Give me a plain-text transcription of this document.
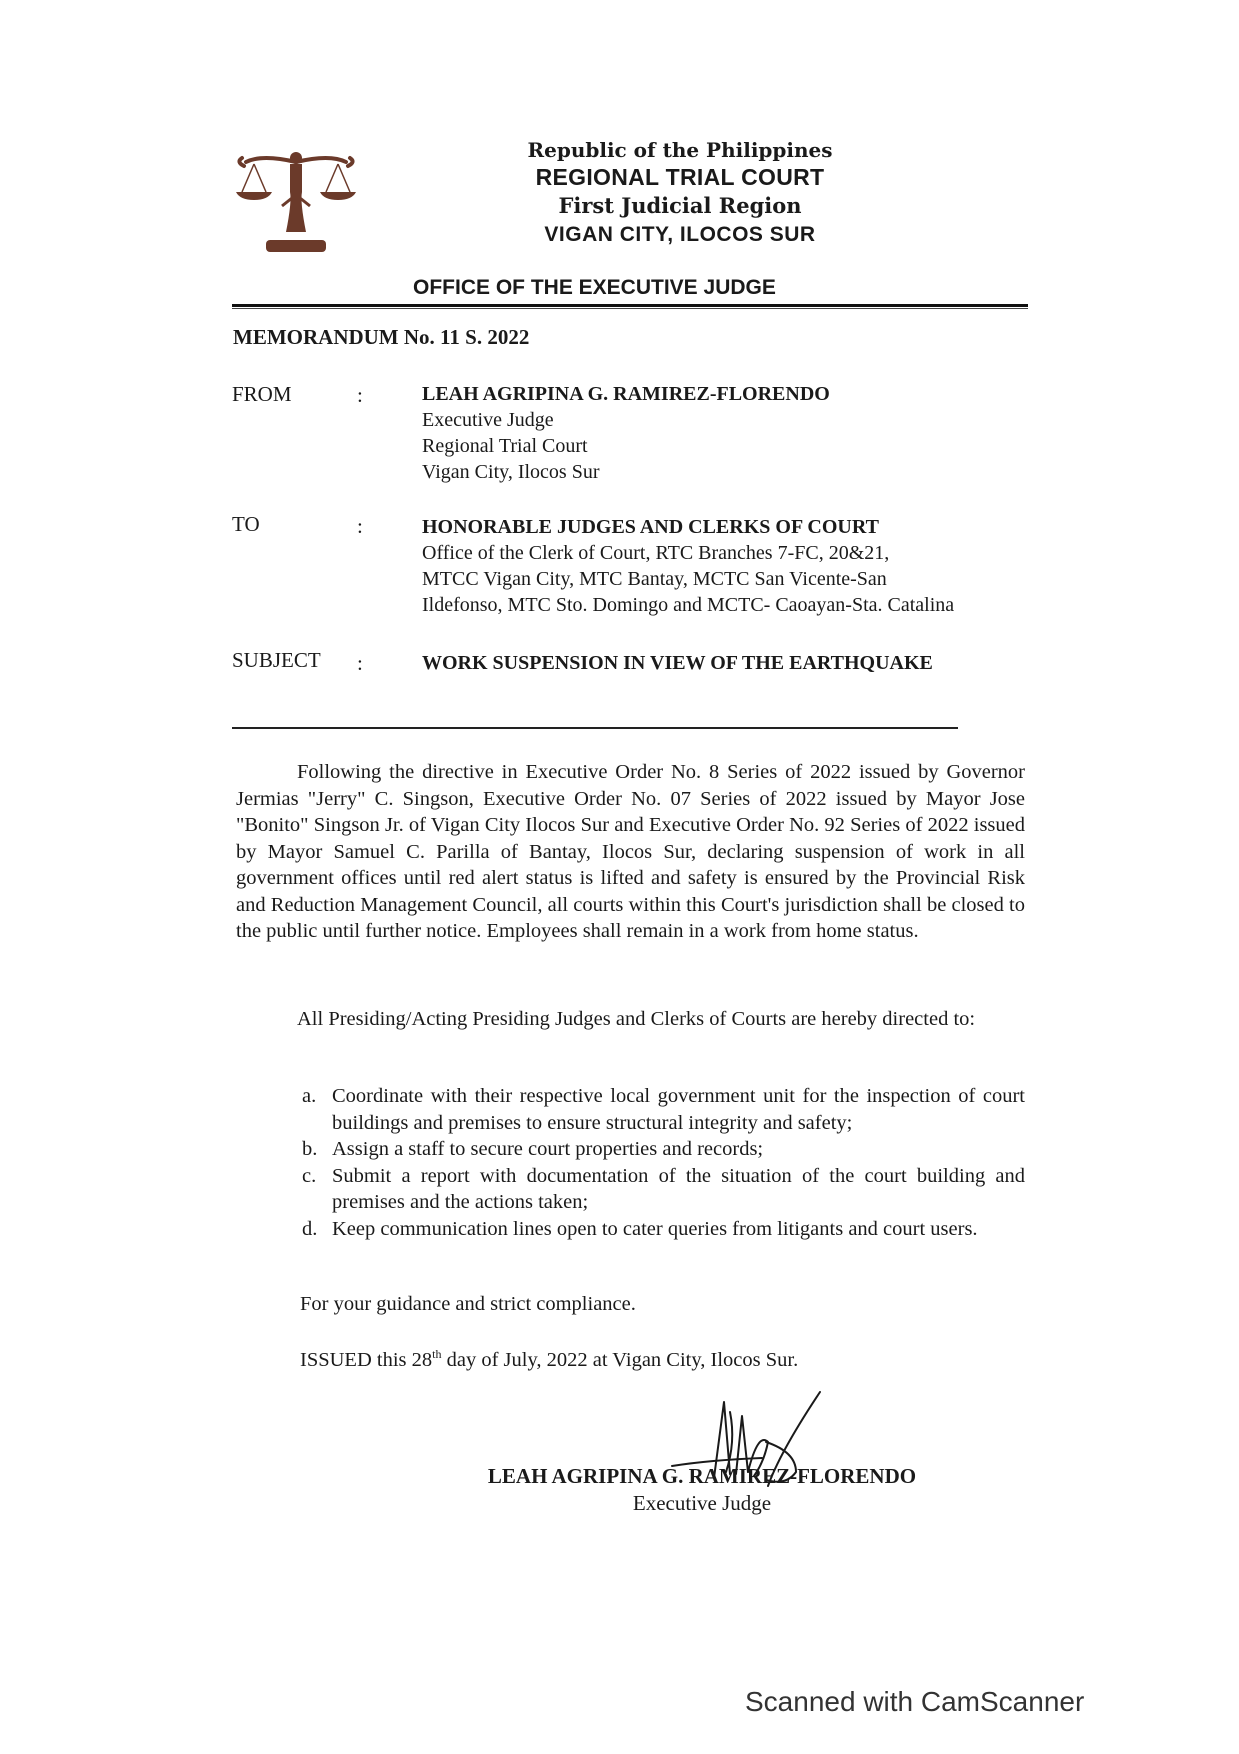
Republic of the Philippines
REGIONAL TRIAL COURT
First Judicial Region
VIGAN CITY, ILOCOS SUR
OFFICE OF THE EXECUTIVE JUDGE
MEMORANDUM No. 11 S. 2022
FROM	:	LEAH AGRIPINA G. RAMIREZ-FLORENDO
Executive Judge
Regional Trial Court
Vigan City, Ilocos Sur
TO	:	HONORABLE JUDGES AND CLERKS OF COURT
Office of the Clerk of Court, RTC Branches 7-FC, 20&21,
MTCC Vigan City, MTC Bantay, MCTC San Vicente-San
Ildefonso, MTC Sto. Domingo and MCTC- Caoayan-Sta. Catalina
SUBJECT :	WORK SUSPENSION IN VIEW OF THE EARTHQUAKE

Following the directive in Executive Order No. 8 Series of 2022 issued by Governor Jermias "Jerry" C. Singson, Executive Order No. 07 Series of 2022 issued by Mayor Jose "Bonito" Singson Jr. of Vigan City Ilocos Sur and Executive Order No. 92 Series of 2022 issued by Mayor Samuel C. Parilla of Bantay, Ilocos Sur, declaring suspension of work in all government offices until red alert status is lifted and safety is ensured by the Provincial Risk and Reduction Management Council, all courts within this Court's jurisdiction shall be closed to the public until further notice. Employees shall remain in a work from home status.

All Presiding/Acting Presiding Judges and Clerks of Courts are hereby directed to:

a. Coordinate with their respective local government unit for the inspection of court buildings and premises to ensure structural integrity and safety;
b. Assign a staff to secure court properties and records;
c. Submit a report with documentation of the situation of the court building and premises and the actions taken;
d. Keep communication lines open to cater queries from litigants and court users.
For your guidance and strict compliance.
ISSUED this 28th day of July, 2022 at Vigan City, Ilocos Sur.
LEAH AGRIPINA G. RAMIREZ-FLORENDO
Executive Judge
Scanned with CamScanner
